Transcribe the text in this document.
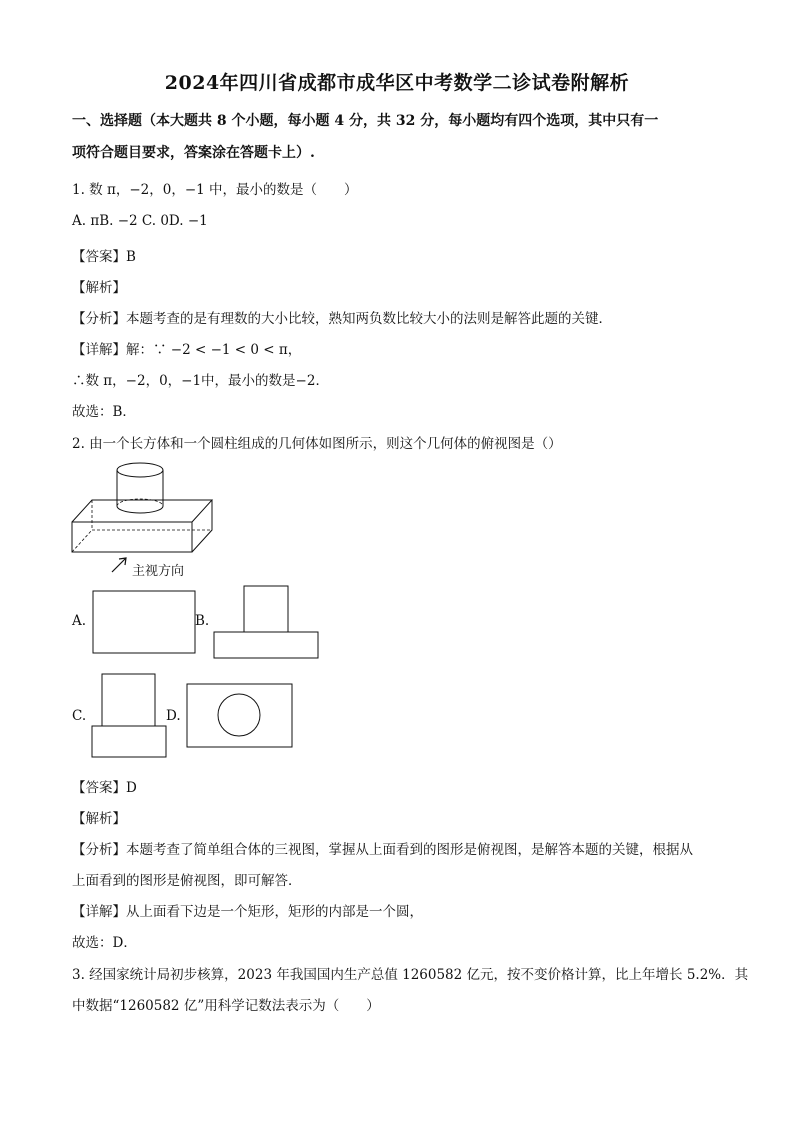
2024年四川省成都市成华区中考数学二诊试卷附解析
一、选择题（本大题共 8 个小题，每小题 4 分，共 32 分，每小题均有四个选项，其中只有一
项符合题目要求，答案涂在答题卡上）.
1. 数 π，−2，0，−1 中，最小的数是（　　）
A. πB. −2 C. 0D. −1
【答案】B
【解析】
【分析】本题考查的是有理数的大小比较，熟知两负数比较大小的法则是解答此题的关键．
【详解】解：∵ −2 < −1 < 0 < π，
∴数 π，−2，0，−1中，最小的数是−2．
故选：B．
2. 由一个长方体和一个圆柱组成的几何体如图所示，则这个几何体的俯视图是（）
主视方向
A.	B.
C.	D.
【答案】D
【解析】
【分析】本题考查了简单组合体的三视图，掌握从上面看到的图形是俯视图，是解答本题的关键，根据从
上面看到的图形是俯视图，即可解答．
【详解】从上面看下边是一个矩形，矩形的内部是一个圆，
故选：D．
3. 经国家统计局初步核算，2023 年我国国内生产总值 1260582 亿元，按不变价格计算，比上年增长 5.2%．其
中数据“1260582 亿”用科学记数法表示为（　　）
